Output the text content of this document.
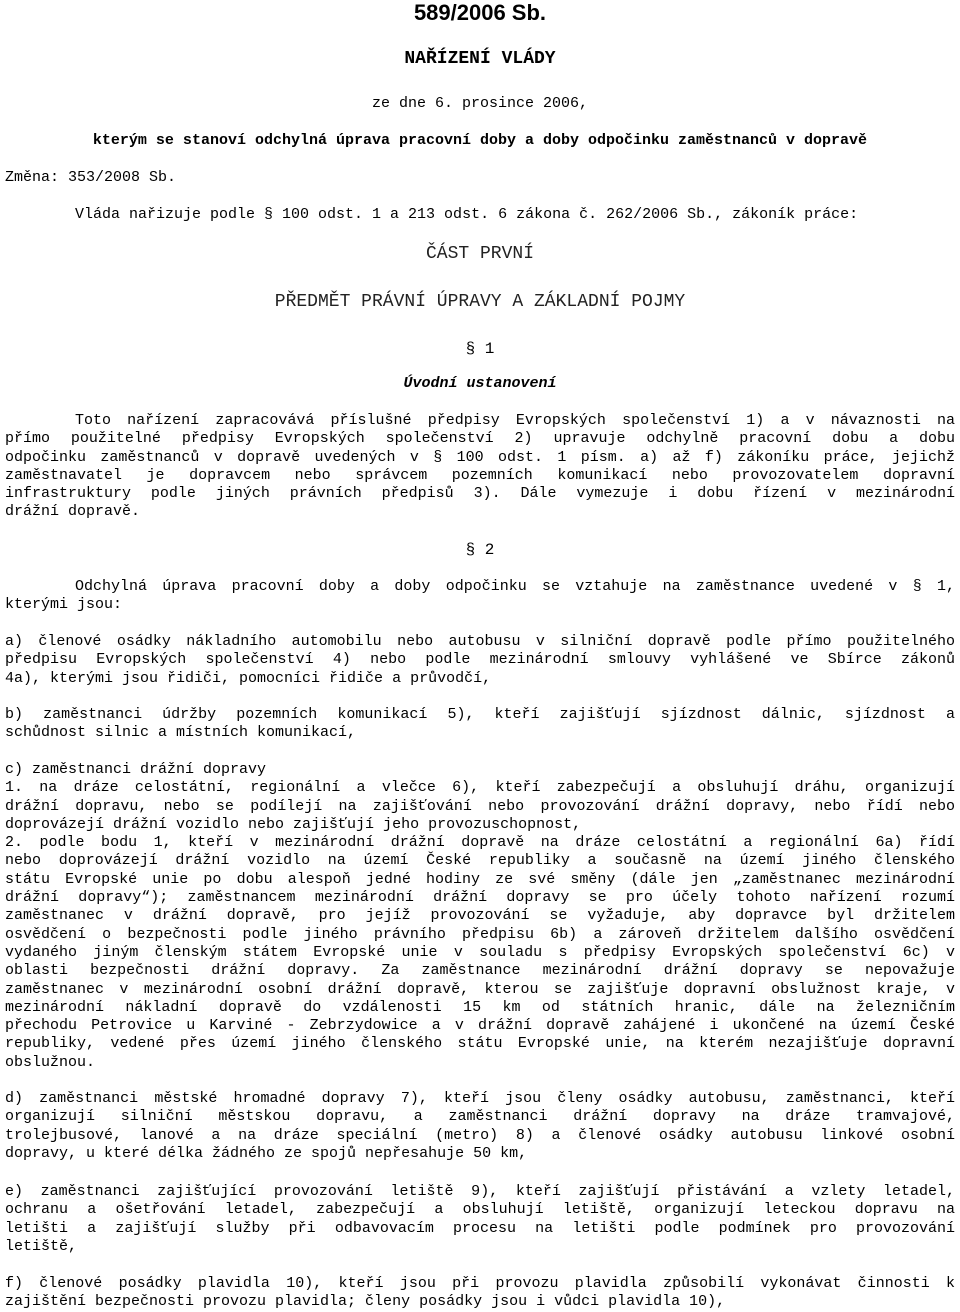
589/2006 Sb.
NAŘÍZENÍ VLÁDY
ze dne 6. prosince 2006,
kterým se stanoví odchylná úprava pracovní doby a doby odpočinku zaměstnanců v dopravě
Změna: 353/2008 Sb.
Vláda nařizuje podle § 100 odst. 1 a 213 odst. 6 zákona č. 262/2006 Sb., zákoník práce:
ČÁST PRVNÍ
PŘEDMĚT PRÁVNÍ ÚPRAVY A ZÁKLADNÍ POJMY
§ 1
Úvodní ustanovení
Toto nařízení zapracovává příslušné předpisy Evropských společenství 1) a v návaznosti na
přímo použitelné předpisy Evropských společenství 2) upravuje odchylně pracovní dobu a dobu
odpočinku zaměstnanců v dopravě uvedených v § 100 odst. 1 písm. a) až f) zákoníku práce, jejichž
zaměstnavatel je dopravcem nebo správcem pozemních komunikací nebo provozovatelem dopravní
infrastruktury podle jiných právních předpisů 3). Dále vymezuje i dobu řízení v mezinárodní
drážní dopravě.
§ 2
Odchylná úprava pracovní doby a doby odpočinku se vztahuje na zaměstnance uvedené v § 1,
kterými jsou:
a) členové osádky nákladního automobilu nebo autobusu v silniční dopravě podle přímo použitelného
předpisu Evropských společenství 4) nebo podle mezinárodní smlouvy vyhlášené ve Sbírce zákonů
4a), kterými jsou řidiči, pomocníci řidiče a průvodčí,
b) zaměstnanci údržby pozemních komunikací 5), kteří zajišťují sjízdnost dálnic, sjízdnost a
schůdnost silnic a místních komunikací,
c) zaměstnanci drážní dopravy
1. na dráze celostátní, regionální a vlečce 6), kteří zabezpečují a obsluhují dráhu, organizují
drážní dopravu, nebo se podílejí na zajišťování nebo provozování drážní dopravy, nebo řídí nebo
doprovázejí drážní vozidlo nebo zajišťují jeho provozuschopnost,
2. podle bodu 1, kteří v mezinárodní drážní dopravě na dráze celostátní a regionální 6a) řídí
nebo doprovázejí drážní vozidlo na území České republiky a současně na území jiného členského
státu Evropské unie po dobu alespoň jedné hodiny ze své směny (dále jen „zaměstnanec mezinárodní
drážní dopravy“); zaměstnancem mezinárodní drážní dopravy se pro účely tohoto nařízení rozumí
zaměstnanec v drážní dopravě, pro jejíž provozování se vyžaduje, aby dopravce byl držitelem
osvědčení o bezpečnosti podle jiného právního předpisu 6b) a zároveň držitelem dalšího osvědčení
vydaného jiným členským státem Evropské unie v souladu s předpisy Evropských společenství 6c) v
oblasti bezpečnosti drážní dopravy. Za zaměstnance mezinárodní drážní dopravy se nepovažuje
zaměstnanec v mezinárodní osobní drážní dopravě, kterou se zajišťuje dopravní obslužnost kraje, v
mezinárodní nákladní dopravě do vzdálenosti 15 km od státních hranic, dále na železničním
přechodu Petrovice u Karviné - Zebrzydowice a v drážní dopravě zahájené i ukončené na území České
republiky, vedené přes území jiného členského státu Evropské unie, na kterém nezajišťuje dopravní
obslužnou.
d) zaměstnanci městské hromadné dopravy 7), kteří jsou členy osádky autobusu, zaměstnanci, kteří
organizují silniční městskou dopravu, a zaměstnanci drážní dopravy na dráze tramvajové,
trolejbusové, lanové a na dráze speciální (metro) 8) a členové osádky autobusu linkové osobní
dopravy, u které délka žádného ze spojů nepřesahuje 50 km,
e) zaměstnanci zajišťující provozování letiště 9), kteří zajišťují přistávání a vzlety letadel,
ochranu a ošetřování letadel, zabezpečují a obsluhují letiště, organizují leteckou dopravu na
letišti a zajišťují služby při odbavovacím procesu na letišti podle podmínek pro provozování
letiště,
f) členové posádky plavidla 10), kteří jsou při provozu plavidla způsobilí vykonávat činnosti k
zajištění bezpečnosti provozu plavidla; členy posádky jsou i vůdci plavidla 10),
